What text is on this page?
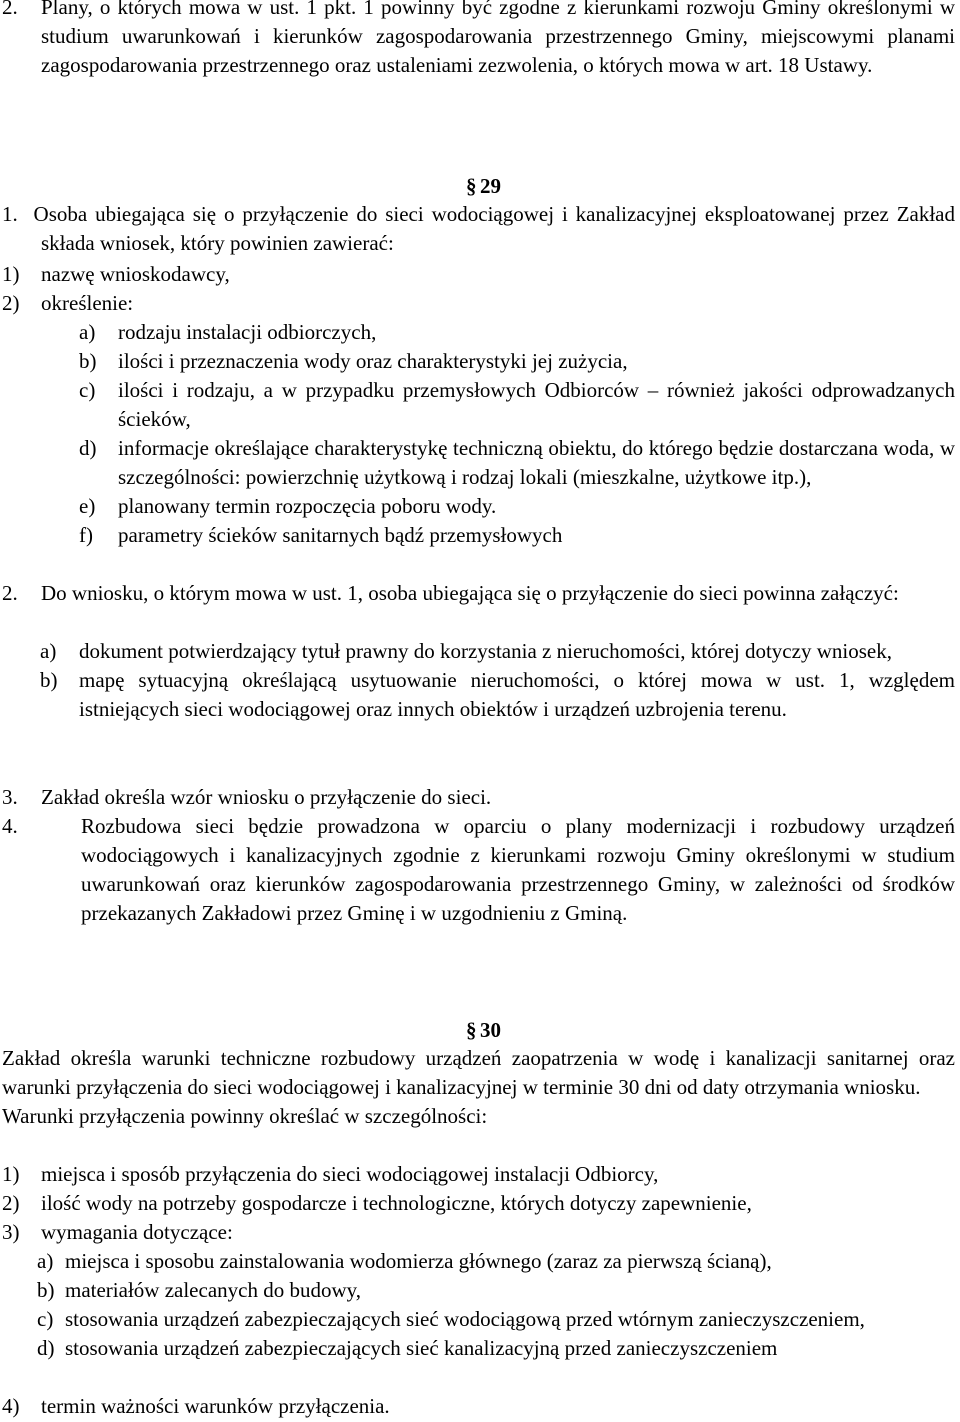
2. Plany, o których mowa w ust. 1 pkt. 1 powinny być zgodne z kierunkami rozwoju Gminy określonymi w studium uwarunkowań i kierunków zagospodarowania przestrzennego Gminy, miejscowymi planami zagospodarowania przestrzennego oraz ustaleniami zezwolenia, o których mowa w art. 18 Ustawy.
§29
1. Osoba ubiegająca się o przyłączenie do sieci wodociągowej i kanalizacyjnej eksploatowanej przez Zakład składa wniosek, który powinien zawierać:
1) nazwę wnioskodawcy,
2) określenie:
a) rodzaju instalacji odbiorczych,
b) ilości i przeznaczenia wody oraz charakterystyki jej zużycia,
c) ilości i rodzaju, a w przypadku przemysłowych Odbiorców – również jakości odprowadzanych ścieków,
d) informacje określające charakterystykę techniczną obiektu, do którego będzie dostarczana woda, w szczególności: powierzchnię użytkową i rodzaj lokali (mieszkalne, użytkowe itp.),
e) planowany termin rozpoczęcia poboru wody.
f) parametry ścieków sanitarnych bądź przemysłowych
2. Do wniosku, o którym mowa w ust. 1, osoba ubiegająca się o przyłączenie do sieci powinna załączyć:
a) dokument potwierdzający tytuł prawny do korzystania z nieruchomości, której dotyczy wniosek,
b) mapę sytuacyjną określającą usytuowanie nieruchomości, o której mowa w ust. 1, względem istniejących sieci wodociągowej oraz innych obiektów i urządzeń uzbrojenia terenu.
3. Zakład określa wzór wniosku o przyłączenie do sieci.
4.	Rozbudowa sieci będzie prowadzona w oparciu o plany modernizacji i rozbudowy urządzeń wodociągowych i kanalizacyjnych zgodnie z kierunkami rozwoju Gminy określonymi w studium uwarunkowań oraz kierunków zagospodarowania przestrzennego Gminy, w zależności od środków przekazanych Zakładowi przez Gminę i w uzgodnieniu z Gminą.
§30
Zakład określa warunki techniczne rozbudowy urządzeń zaopatrzenia w wodę i kanalizacji sanitarnej oraz warunki przyłączenia do sieci wodociągowej i kanalizacyjnej w terminie 30 dni od daty otrzymania wniosku.
Warunki przyłączenia powinny określać w szczególności:
1) miejsca i sposób przyłączenia do sieci wodociągowej instalacji Odbiorcy,
2) ilość wody na potrzeby gospodarcze i technologiczne, których dotyczy zapewnienie,
3) wymagania dotyczące:
a) miejsca i sposobu zainstalowania wodomierza głównego (zaraz za pierwszą ścianą),
b) materiałów zalecanych do budowy,
c) stosowania urządzeń zabezpieczających sieć wodociągową przed wtórnym zanieczyszczeniem,
d) stosowania urządzeń zabezpieczających sieć kanalizacyjną przed zanieczyszczeniem
4) termin ważności warunków przyłączenia.
